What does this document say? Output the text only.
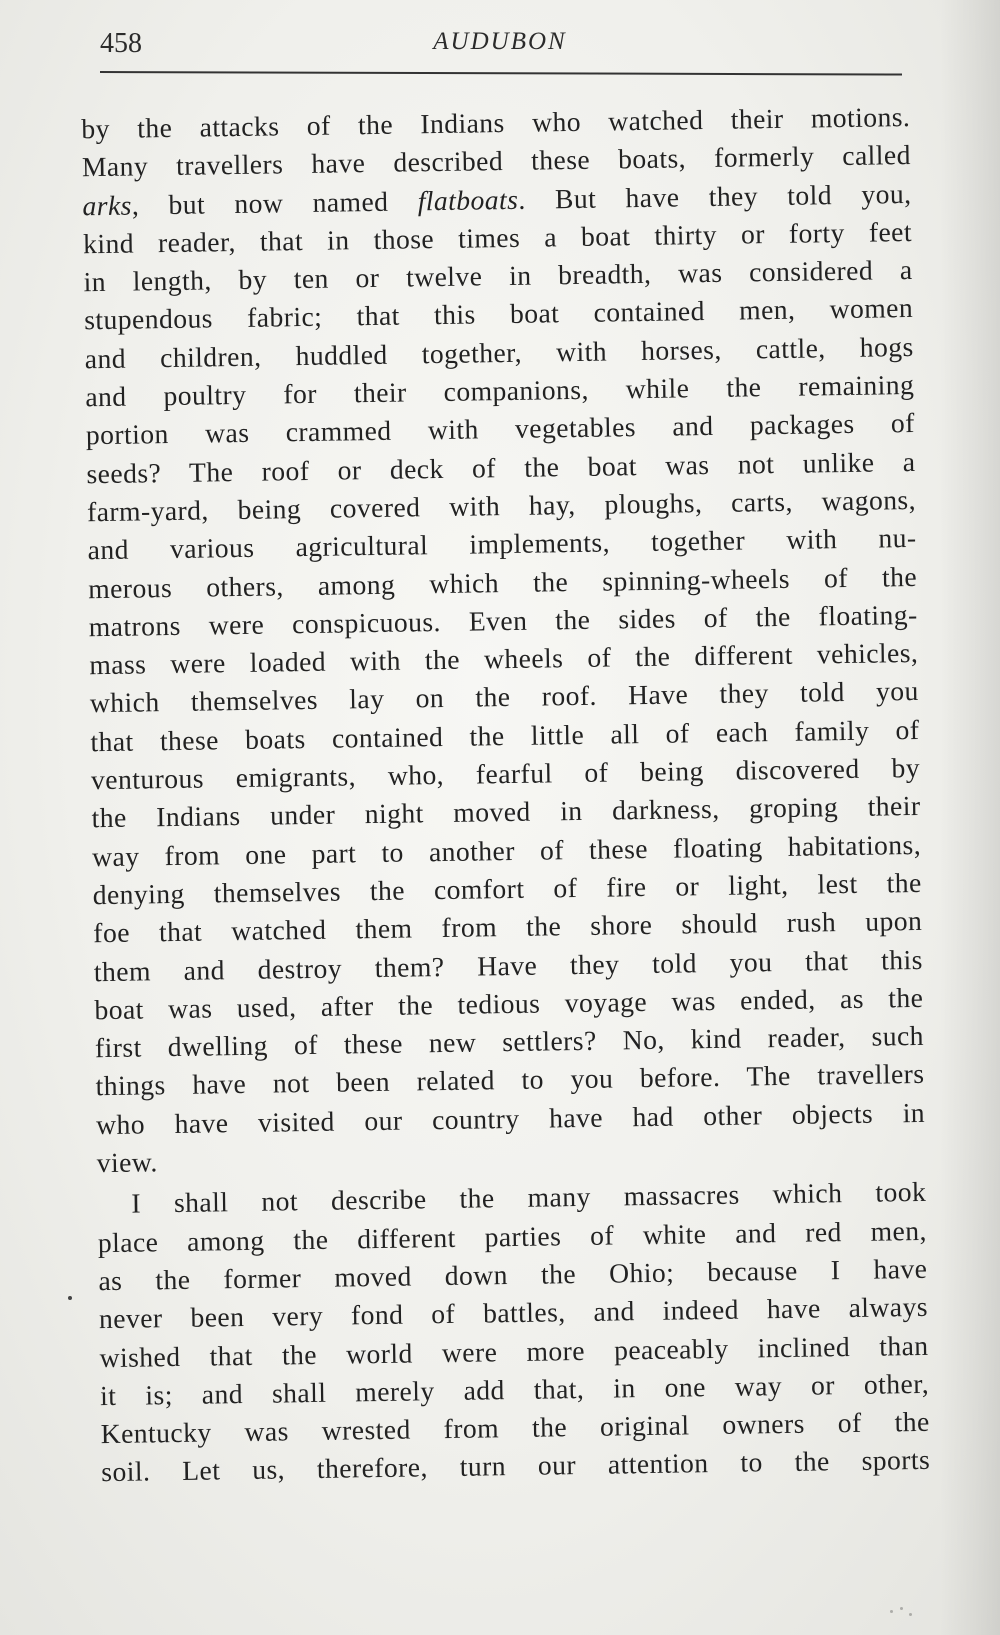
458	AUDUBON
by the attacks of the Indians who watched their motions.
Many travellers have described these boats, formerly called
arks, but now named flatboats. But have they told you,
kind reader, that in those times a boat thirty or forty feet
in length, by ten or twelve in breadth, was considered a
stupendous fabric; that this boat contained men, women
and children, huddled together, with horses, cattle, hogs
and poultry for their companions, while the remaining
portion was crammed with vegetables and packages of
seeds? The roof or deck of the boat was not unlike a
farm-yard, being covered with hay, ploughs, carts, wagons,
and various agricultural implements, together with nu-
merous others, among which the spinning-wheels of the
matrons were conspicuous. Even the sides of the floating-
mass were loaded with the wheels of the different vehicles,
which themselves lay on the roof. Have they told you
that these boats contained the little all of each family of
venturous emigrants, who, fearful of being discovered by
the Indians under night moved in darkness, groping their
way from one part to another of these floating habitations,
denying themselves the comfort of fire or light, lest the
foe that watched them from the shore should rush upon
them and destroy them? Have they told you that this
boat was used, after the tedious voyage was ended, as the
first dwelling of these new settlers? No, kind reader, such
things have not been related to you before. The travellers
who have visited our country have had other objects in
view.
I shall not describe the many massacres which took
place among the different parties of white and red men,
as the former moved down the Ohio; because I have
never been very fond of battles, and indeed have always
wished that the world were more peaceably inclined than
it is; and shall merely add that, in one way or other,
Kentucky was wrested from the original owners of the
soil. Let us, therefore, turn our attention to the sports
